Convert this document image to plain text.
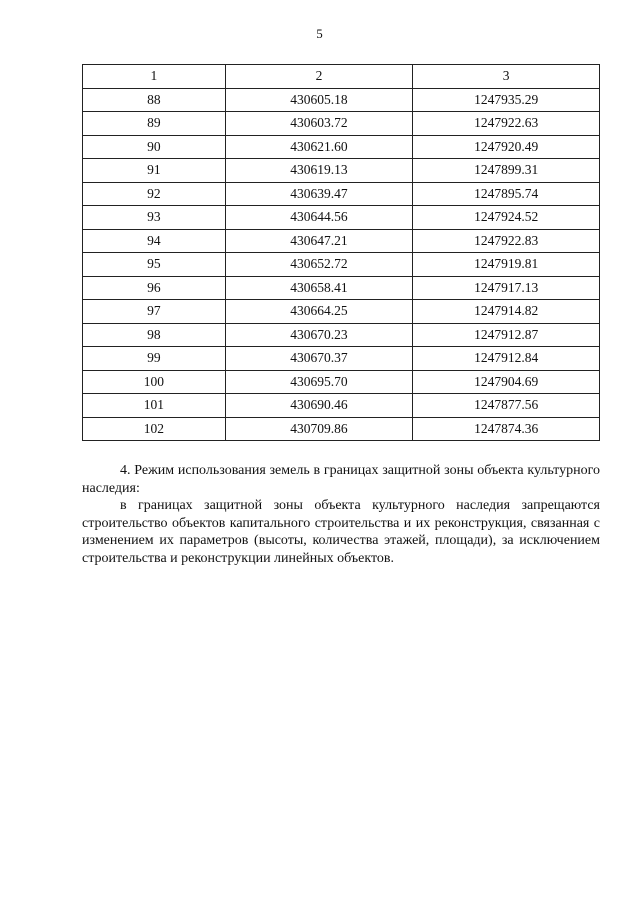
5
1	2	3
88	430605.18	1247935.29
89	430603.72	1247922.63
90	430621.60	1247920.49
91	430619.13	1247899.31
92	430639.47	1247895.74
93	430644.56	1247924.52
94	430647.21	1247922.83
95	430652.72	1247919.81
96	430658.41	1247917.13
97	430664.25	1247914.82
98	430670.23	1247912.87
99	430670.37	1247912.84
100	430695.70	1247904.69
101	430690.46	1247877.56
102	430709.86	1247874.36

4. Режим использования земель в границах защитной зоны объекта культурного наследия:

в границах защитной зоны объекта культурного наследия запрещаются строительство объектов капитального строительства и их реконструкция, связанная с изменением их параметров (высоты, количества этажей, площади), за исключением строительства и реконструкции линейных объектов.
